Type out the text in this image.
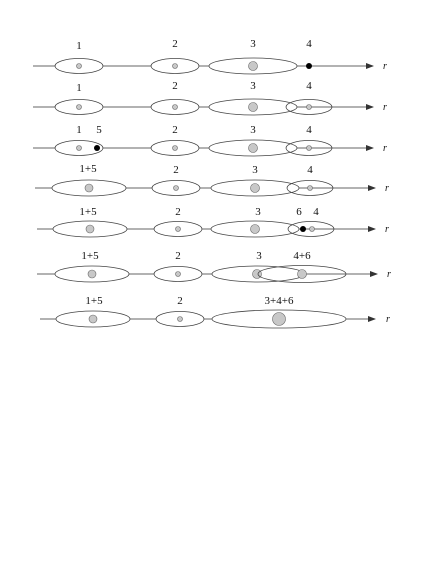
r
1	2	3	4
r
1	2	3	4
r
1 5	2	3	4
r
1+5	2	3	4
r
1+5	2	3	6 4
r
1+5	2	3	4+6
r
1+5	2	3+4+6
